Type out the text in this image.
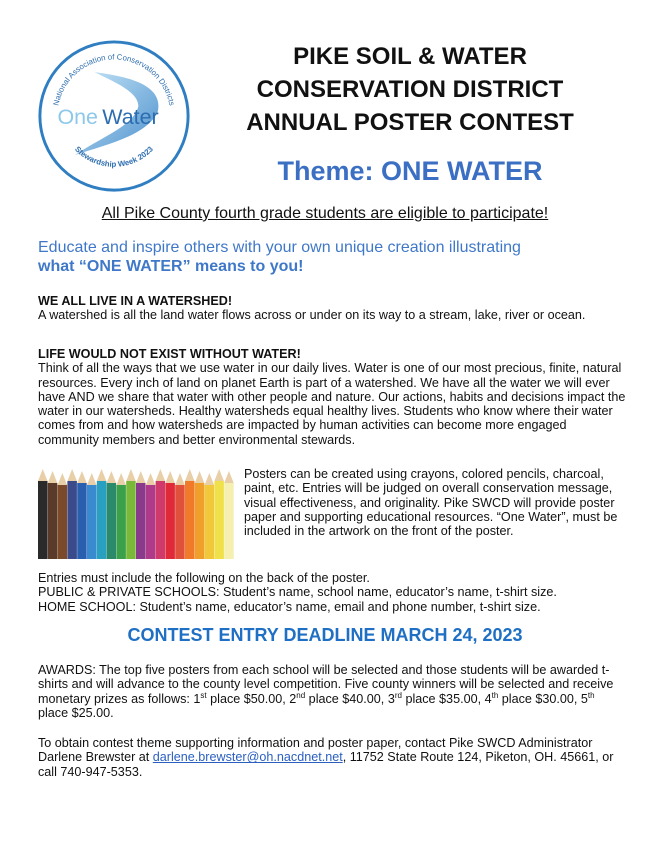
National Association of Conservation Districts
One Water
Stewardship Week 2023
PIKE SOIL & WATER
CONSERVATION DISTRICT
ANNUAL POSTER CONTEST
Theme: ONE WATER
All Pike County fourth grade students are eligible to participate!
Educate and inspire others with your own unique creation illustrating
what “ONE WATER” means to you!
WE ALL LIVE IN A WATERSHED!
A watershed is all the land water flows across or under on its way to a stream, lake, river or ocean.
LIFE WOULD NOT EXIST WITHOUT WATER!
Think of all the ways that we use water in our daily lives. Water is one of our most precious, finite, natural resources. Every inch of land on planet Earth is part of a watershed. We have all the water we will ever have AND we share that water with other people and nature. Our actions, habits and decisions impact the water in our watersheds. Healthy watersheds equal healthy lives. Students who know where their water comes from and how watersheds are impacted by human activities can become more engaged community members and better environmental stewards.
Posters can be created using crayons, colored pencils, charcoal, paint, etc. Entries will be judged on overall conservation message, visual effectiveness, and originality. Pike SWCD will provide poster paper and supporting educational resources. “One Water”, must be included in the artwork on the front of the poster.
Entries must include the following on the back of the poster.
PUBLIC & PRIVATE SCHOOLS: Student’s name, school name, educator’s name, t-shirt size.
HOME SCHOOL: Student’s name, educator’s name, email and phone number, t-shirt size.
CONTEST ENTRY DEADLINE MARCH 24, 2023
AWARDS: The top five posters from each school will be selected and those students will be awarded t-shirts and will advance to the county level competition. Five county winners will be selected and receive monetary prizes as follows: 1st place $50.00, 2nd place $40.00, 3rd place $35.00, 4th place $30.00, 5th place $25.00.
To obtain contest theme supporting information and poster paper, contact Pike SWCD Administrator Darlene Brewster at darlene.brewster@oh.nacdnet.net, 11752 State Route 124, Piketon, OH. 45661, or call 740-947-5353.
